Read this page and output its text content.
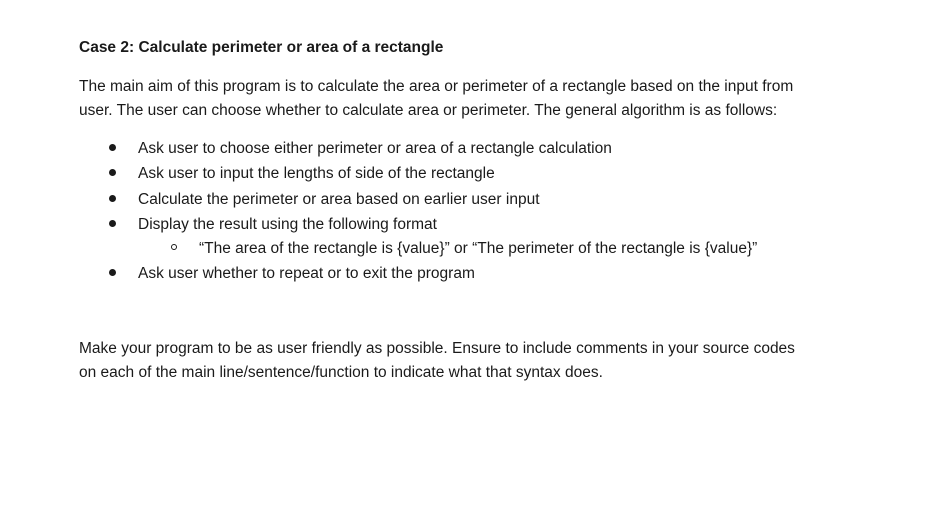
Case 2: Calculate perimeter or area of a rectangle
The main aim of this program is to calculate the area or perimeter of a rectangle based on the input from
user. The user can choose whether to calculate area or perimeter. The general algorithm is as follows:
Ask user to choose either perimeter or area of a rectangle calculation
Ask user to input the lengths of side of the rectangle
Calculate the perimeter or area based on earlier user input
Display the result using the following format
“The area of the rectangle is {value}” or “The perimeter of the rectangle is {value}”
Ask user whether to repeat or to exit the program
Make your program to be as user friendly as possible. Ensure to include comments in your source codes
on each of the main line/sentence/function to indicate what that syntax does.
